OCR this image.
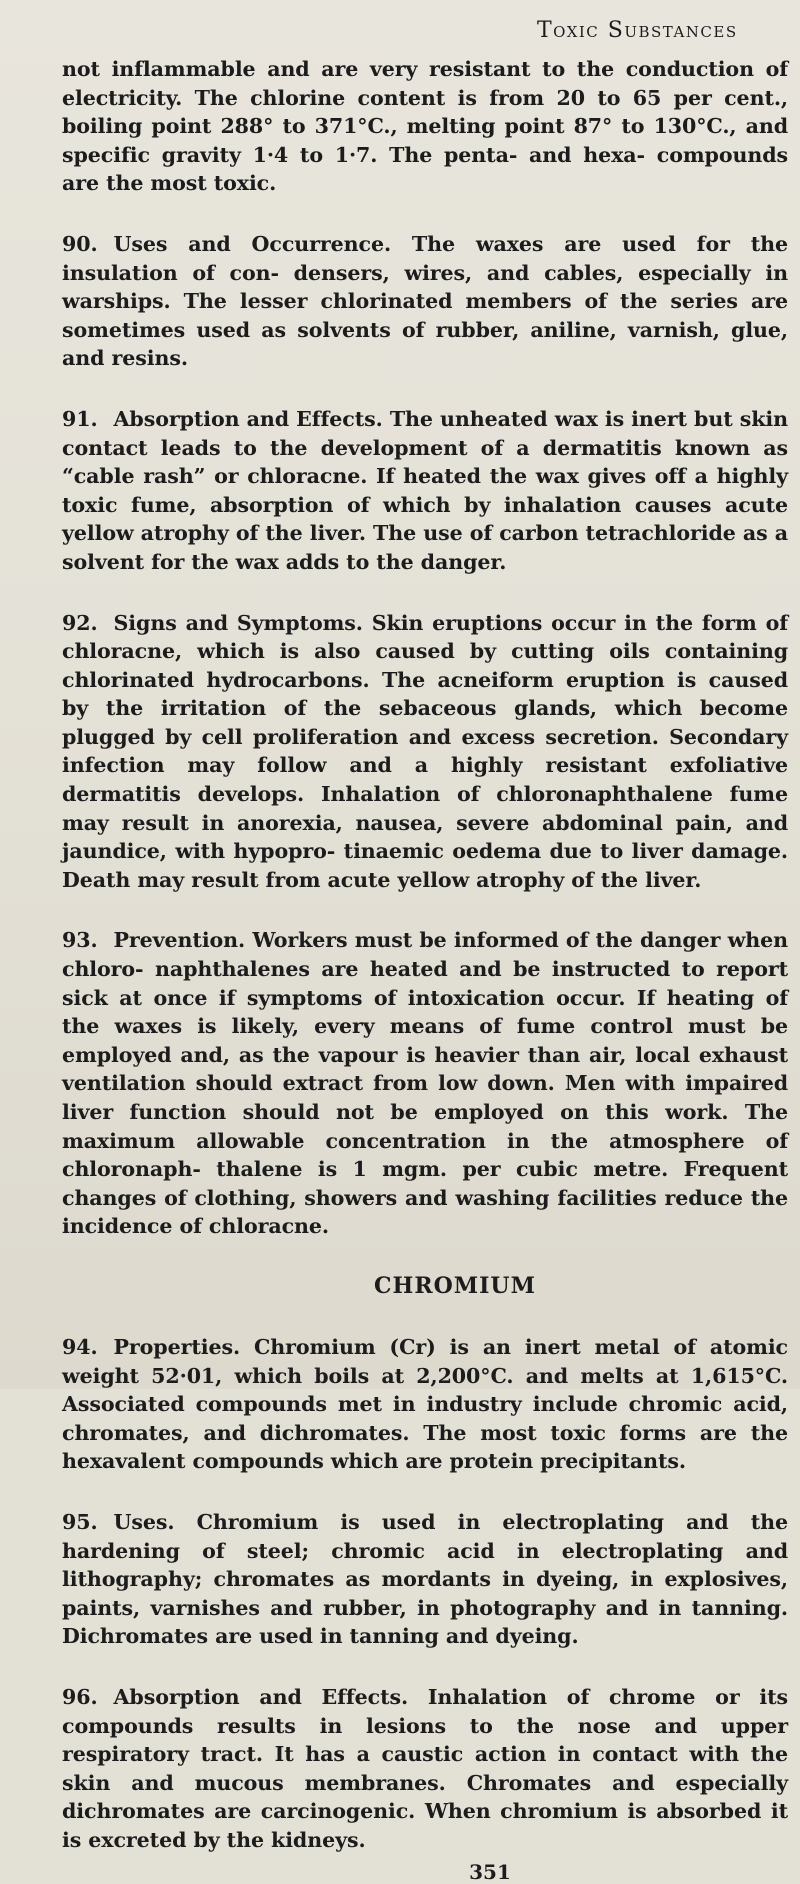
Toxic Substances

not inflammable and are very resistant to the conduction of electricity. The chlorine content is from 20 to 65 per cent., boiling point 288° to 371°C., melting point 87° to 130°C., and specific gravity 1·4 to 1·7. The penta- and hexa- compounds are the most toxic.

90. Uses and Occurrence. The waxes are used for the insulation of con- densers, wires, and cables, especially in warships. The lesser chlorinated members of the series are sometimes used as solvents of rubber, aniline, varnish, glue, and resins.

91. Absorption and Effects. The unheated wax is inert but skin contact leads to the development of a dermatitis known as “cable rash” or chloracne. If heated the wax gives off a highly toxic fume, absorption of which by inhalation causes acute yellow atrophy of the liver. The use of carbon tetrachloride as a solvent for the wax adds to the danger.

92. Signs and Symptoms. Skin eruptions occur in the form of chloracne, which is also caused by cutting oils containing chlorinated hydrocarbons. The acneiform eruption is caused by the irritation of the sebaceous glands, which become plugged by cell proliferation and excess secretion. Secondary infection may follow and a highly resistant exfoliative dermatitis develops. Inhalation of chloronaphthalene fume may result in anorexia, nausea, severe abdominal pain, and jaundice, with hypopro- tinaemic oedema due to liver damage. Death may result from acute yellow atrophy of the liver.

93. Prevention. Workers must be informed of the danger when chloro- naphthalenes are heated and be instructed to report sick at once if symptoms of intoxication occur. If heating of the waxes is likely, every means of fume control must be employed and, as the vapour is heavier than air, local exhaust ventilation should extract from low down. Men with impaired liver function should not be employed on this work. The maximum allowable concentration in the atmosphere of chloronaph- thalene is 1 mgm. per cubic metre. Frequent changes of clothing, showers and washing facilities reduce the incidence of chloracne.

CHROMIUM

94. Properties. Chromium (Cr) is an inert metal of atomic weight 52·01, which boils at 2,200°C. and melts at 1,615°C. Associated compounds met in industry include chromic acid, chromates, and dichromates. The most toxic forms are the hexavalent compounds which are protein precipitants.

95. Uses. Chromium is used in electroplating and the hardening of steel; chromic acid in electroplating and lithography; chromates as mordants in dyeing, in explosives, paints, varnishes and rubber, in photography and in tanning. Dichromates are used in tanning and dyeing.

96. Absorption and Effects. Inhalation of chrome or its compounds results in lesions to the nose and upper respiratory tract. It has a caustic action in contact with the skin and mucous membranes. Chromates and especially dichromates are carcinogenic. When chromium is absorbed it is excreted by the kidneys.

351
